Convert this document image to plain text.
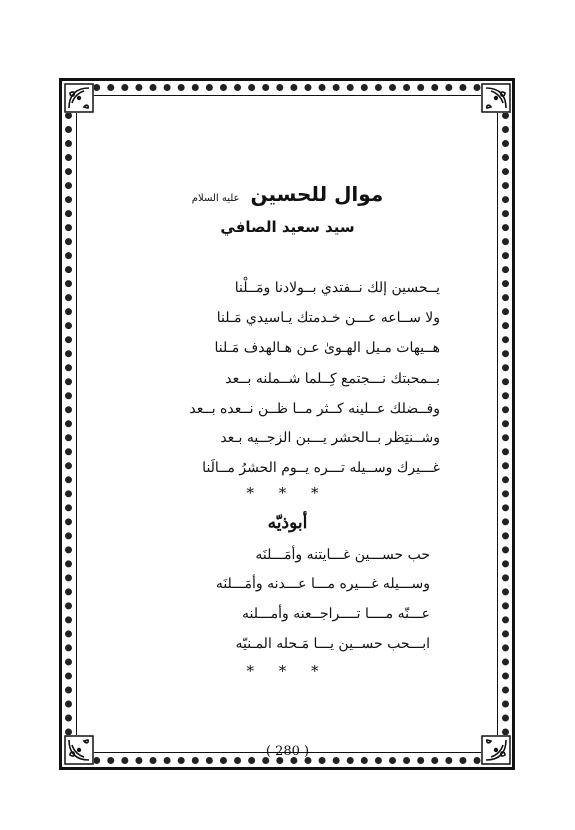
موال للحسين عليه السلام
سيد سعيد الصافي
يــحسين إلك نــفتدي بــولادنا ومَــلْنا
ولا ســاعه عـــن خـدمتك يـاسيدي مَـلنا
هــيهات مـيل الهـوىٰ عـن هـالهدف مَـلنا
بــمحبتك نـــجتمع كِــلما شــملنه بــعد
وفــضلك عــلينه كــثر مــا ظــن نــعده بــعد
وشــنتِظر بــالحشر يـــبن الزجــيه بـعد
غـــيرك وســيله تـــره يــوم الحشرُ مــالَنا
* * *
أبوذيّه
حب حســـين غـــايتنه وأمَـــلنَه
وســـيله غـــيره مـــا عـــدنه وأمَـــلنَه
عـــنّه مــــا تــــراجــعنه وأمـــلنه
ابـــحب حســين يـــا مَـحله المـنيّه
* * *
( 280 )
